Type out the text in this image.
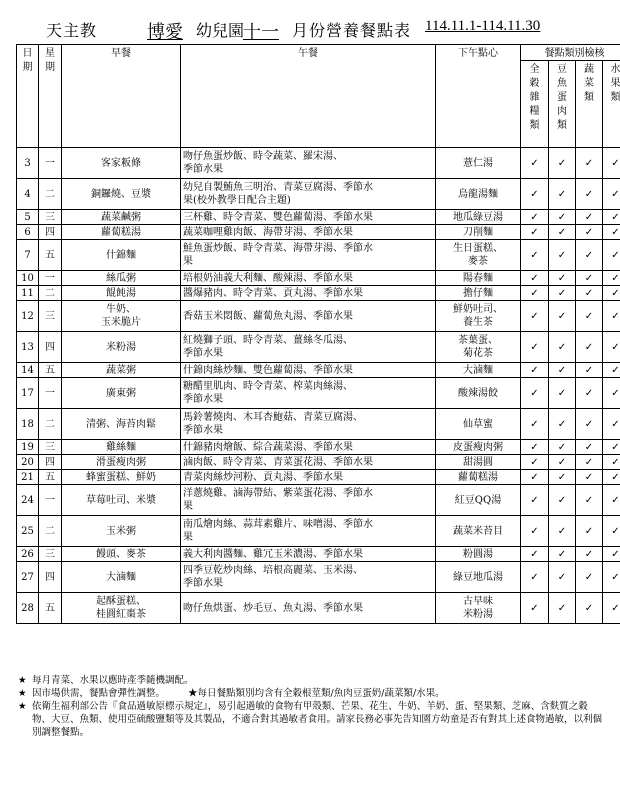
天主教	博愛 幼兒園
十一 月份營養餐點表 114.11.1-114.11.30
日期	星期	早餐	午餐	下午點心	餐點類別檢核			

					全穀雜糧類	豆魚蛋肉類	蔬菜類	水果類

3	一	客家粄條	吻仔魚蛋炒飯、時令蔬菜、羅宋湯、
季節水果	薏仁湯	✓	✓	✓	✓
4	二	銅鑼燒、豆漿	幼兒自製鮪魚三明治、青菜豆腐湯、季節水
果(校外教學日配合主題)	烏龍湯麵	✓	✓	✓	✓
5	三	蔬菜鹹粥	三杯雞、時令青菜、雙色蘿蔔湯、季節水果	地瓜綠豆湯	✓	✓	✓	✓
6	四	蘿蔔糕湯	蔬菜咖哩雞肉飯、海帶芽湯、季節水果	刀削麵	✓	✓	✓	✓
7	五	什錦麵	鮭魚蛋炒飯、時令青菜、海帶芽湯、季節水
果	生日蛋糕、
麥茶	✓	✓	✓	✓
10	一	絲瓜粥	培根奶油義大利麵、酸辣湯、季節水果	陽春麵	✓	✓	✓	✓
11	二	餛飩湯	醬爆豬肉、時令青菜、貢丸湯、季節水果	擔仔麵	✓	✓	✓	✓
12	三	牛奶、
玉米脆片	香菇玉米悶飯、蘿蔔魚丸湯、季節水果	鮮奶吐司、
養生茶	✓	✓	✓	✓
13	四	米粉湯	紅燒獅子頭、時令青菜、薑絲冬瓜湯、
季節水果	茶葉蛋、
菊花茶	✓	✓	✓	✓
14	五	蔬菜粥	什錦肉絲炒麵、雙色蘿蔔湯、季節水果	大滷麵	✓	✓	✓	✓
17	一	廣東粥	糖醋里肌肉、時令青菜、榨菜肉絲湯、
季節水果	酸辣湯餃	✓	✓	✓	✓
18	二	清粥、海苔肉鬆	馬鈴薯燒肉、木耳杏鮑菇、青菜豆腐湯、
季節水果	仙草蜜	✓	✓	✓	✓
19	三	雞絲麵	什錦豬肉燴飯、綜合蔬菜湯、季節水果	皮蛋瘦肉粥	✓	✓	✓	✓
20	四	滑蛋瘦肉粥	滷肉飯、時令青菜、青菜蛋花湯、季節水果	甜湯圓	✓	✓	✓	✓
21	五	蜂蜜蛋糕、鮮奶	青菜肉絲炒河粉、貢丸湯、季節水果	蘿蔔糕湯	✓	✓	✓	✓
24	一	草莓吐司、米漿	洋蔥燒雞、滷海帶結、紫菜蛋花湯、季節水
果	紅豆QQ湯	✓	✓	✓	✓
25	二	玉米粥	南瓜燴肉絲、蒜茸素雞片、味噌湯、季節水
果	蔬菜米苔目	✓	✓	✓	✓
26	三	饅頭、麥茶	義大利肉醬麵、雞冗玉米濃湯、季節水果	粉圓湯	✓	✓	✓	✓
27	四	大滷麵	四季豆乾炒肉絲、培根高麗菜、玉米湯、
季節水果	綠豆地瓜湯	✓	✓	✓	✓
28	五	起酥蛋糕、
桂圓紅棗茶	吻仔魚烘蛋、炒毛豆、魚丸湯、季節水果	古早味
米粉湯	✓	✓	✓	✓
★ 每月青菜、水果以應時產季隨機調配。
★ 因市場供需，餐點會彈性調整。 ★每日餐點類別均含有全穀根莖類/魚肉豆蛋奶/蔬菜類/水果。
★ 依衛生福利部公告『食品過敏原標示規定』，易引起過敏的食物有甲殼類、芒果、花生、牛奶、羊奶、蛋、堅果類、芝麻、含麩質之穀物、大豆、魚類、使用亞硫酸鹽類等及其製品，不適合對其過敏者食用。請家長務必事先告知園方幼童是否有對其上述食物過敏，以利個別調整餐點。
